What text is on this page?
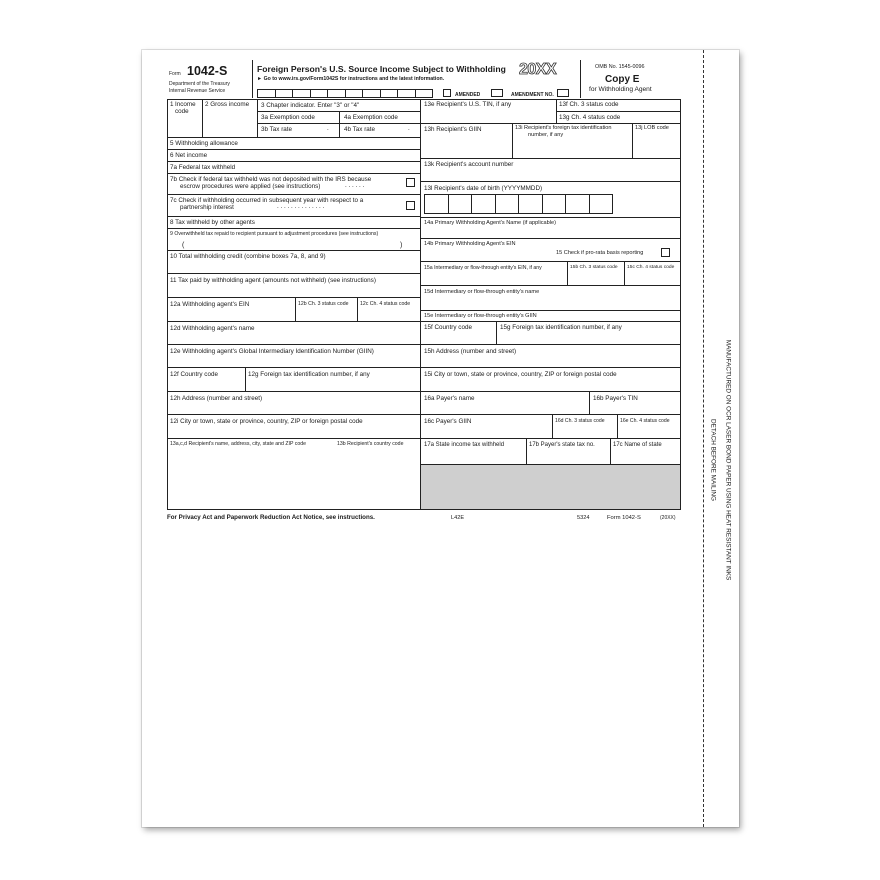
DETACH BEFORE MAILING MANUFACTURED ON OCR LASER BOND PAPER USING HEAT RESISTANT INKS
Form 1042-S
Department of the Treasury
Internal Revenue Service
Foreign Person's U.S. Source Income Subject to Withholding
► Go to www.irs.gov/Form1042S for instructions and the latest information.
20XX	OMB No. 1545-0096
Copy E
for Withholding Agent
AMENDED	AMENDMENT NO.
1 Income
code
2 Gross income 3 Chapter indicator. Enter "3" or "4"
3a Exemption code	4a Exemption code
3b Tax rate	. 4b Tax rate	.
5 Withholding allowance
6 Net income
7a Federal tax withheld
7b Check if federal tax withheld was not deposited with the IRS because
escrow procedures were applied (see instructions)	. . . . . .
7c Check if withholding occurred in subsequent year with respect to a
partnership interest	. . . . . . . . . . . . . .
8 Tax withheld by other agents
9 Overwithheld tax repaid to recipient pursuant to adjustment procedures (see instructions)
(	)
10 Total withholding credit (combine boxes 7a, 8, and 9)
11 Tax paid by withholding agent (amounts not withheld) (see instructions)
12a Withholding agent's EIN	12b Ch. 3 status code 12c Ch. 4 status code
12d Withholding agent's name
12e Withholding agent's Global Intermediary Identification Number (GIIN)
12f Country code	12g Foreign tax identification number, if any
12h Address (number and street)
12i City or town, state or province, country, ZIP or foreign postal code
13a,c,d Recipient's name, address, city, state and ZIP code	13b Recipient's country code
13e Recipient's U.S. TIN, if any	13f Ch. 3 status code
13g Ch. 4 status code
13h Recipient's GIIN	13i Recipient's foreign tax identification
number, if any
13j LOB code
13k Recipient's account number
13l Recipient's date of birth (YYYYMMDD)
14a Primary Withholding Agent's Name (if applicable)
14b Primary Withholding Agent's EIN
15 Check if pro-rata basis reporting
15a Intermediary or flow-through entity's EIN, if any	15b Ch. 3 status code 15c Ch. 4 status code
15d Intermediary or flow-through entity's name
15e Intermediary or flow-through entity's GIIN
15f Country code	15g Foreign tax identification number, if any
15h Address (number and street)
15i City or town, state or province, country, ZIP or foreign postal code
16a Payer's name	16b Payer's TIN
16c Payer's GIIN	16d Ch. 3 status code	16e Ch. 4 status code
17a State income tax withheld	17b Payer's state tax no.	17c Name of state
For Privacy Act and Paperwork Reduction Act Notice, see instructions.	L42E	5324	Form 1042-S	(20XX)
